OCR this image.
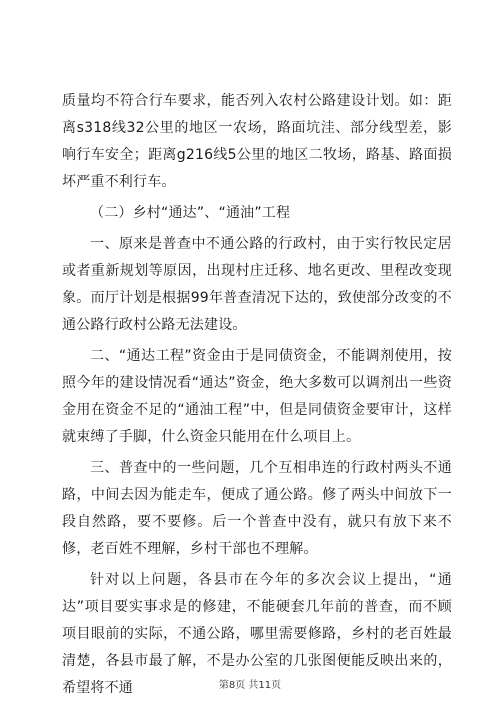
质量均不符合行车要求，能否列入农村公路建设计划。如：距离s318线32公里的地区一农场，路面坑洼、部分线型差，影响行车安全；距离g216线5公里的地区二牧场，路基、路面损坏严重不利行车。

（二）乡村“通达”、“通油”工程

一、原来是普查中不通公路的行政村，由于实行牧民定居或者重新规划等原因，出现村庄迁移、地名更改、里程改变现象。而厅计划是根据99年普查清况下达的，致使部分改变的不通公路行政村公路无法建设。

二、“通达工程”资金由于是同债资金，不能调剂使用，按照今年的建设情况看“通达”资金，绝大多数可以调剂出一些资金用在资金不足的“通油工程”中，但是同债资金要审计，这样就束缚了手脚，什么资金只能用在什么项目上。

三、普查中的一些问题，几个互相串连的行政村两头不通路，中间去因为能走车，便成了通公路。修了两头中间放下一段自然路，要不要修。后一个普查中没有，就只有放下来不修，老百姓不理解，乡村干部也不理解。

针对以上问题，各县市在今年的多次会议上提出，“通达”项目要实事求是的修建，不能硬套几年前的普查，而不顾项目眼前的实际，不通公路，哪里需要修路，乡村的老百姓最清楚，各县市最了解，不是办公室的几张图便能反映出来的，希望将不通	第8页 共11页
